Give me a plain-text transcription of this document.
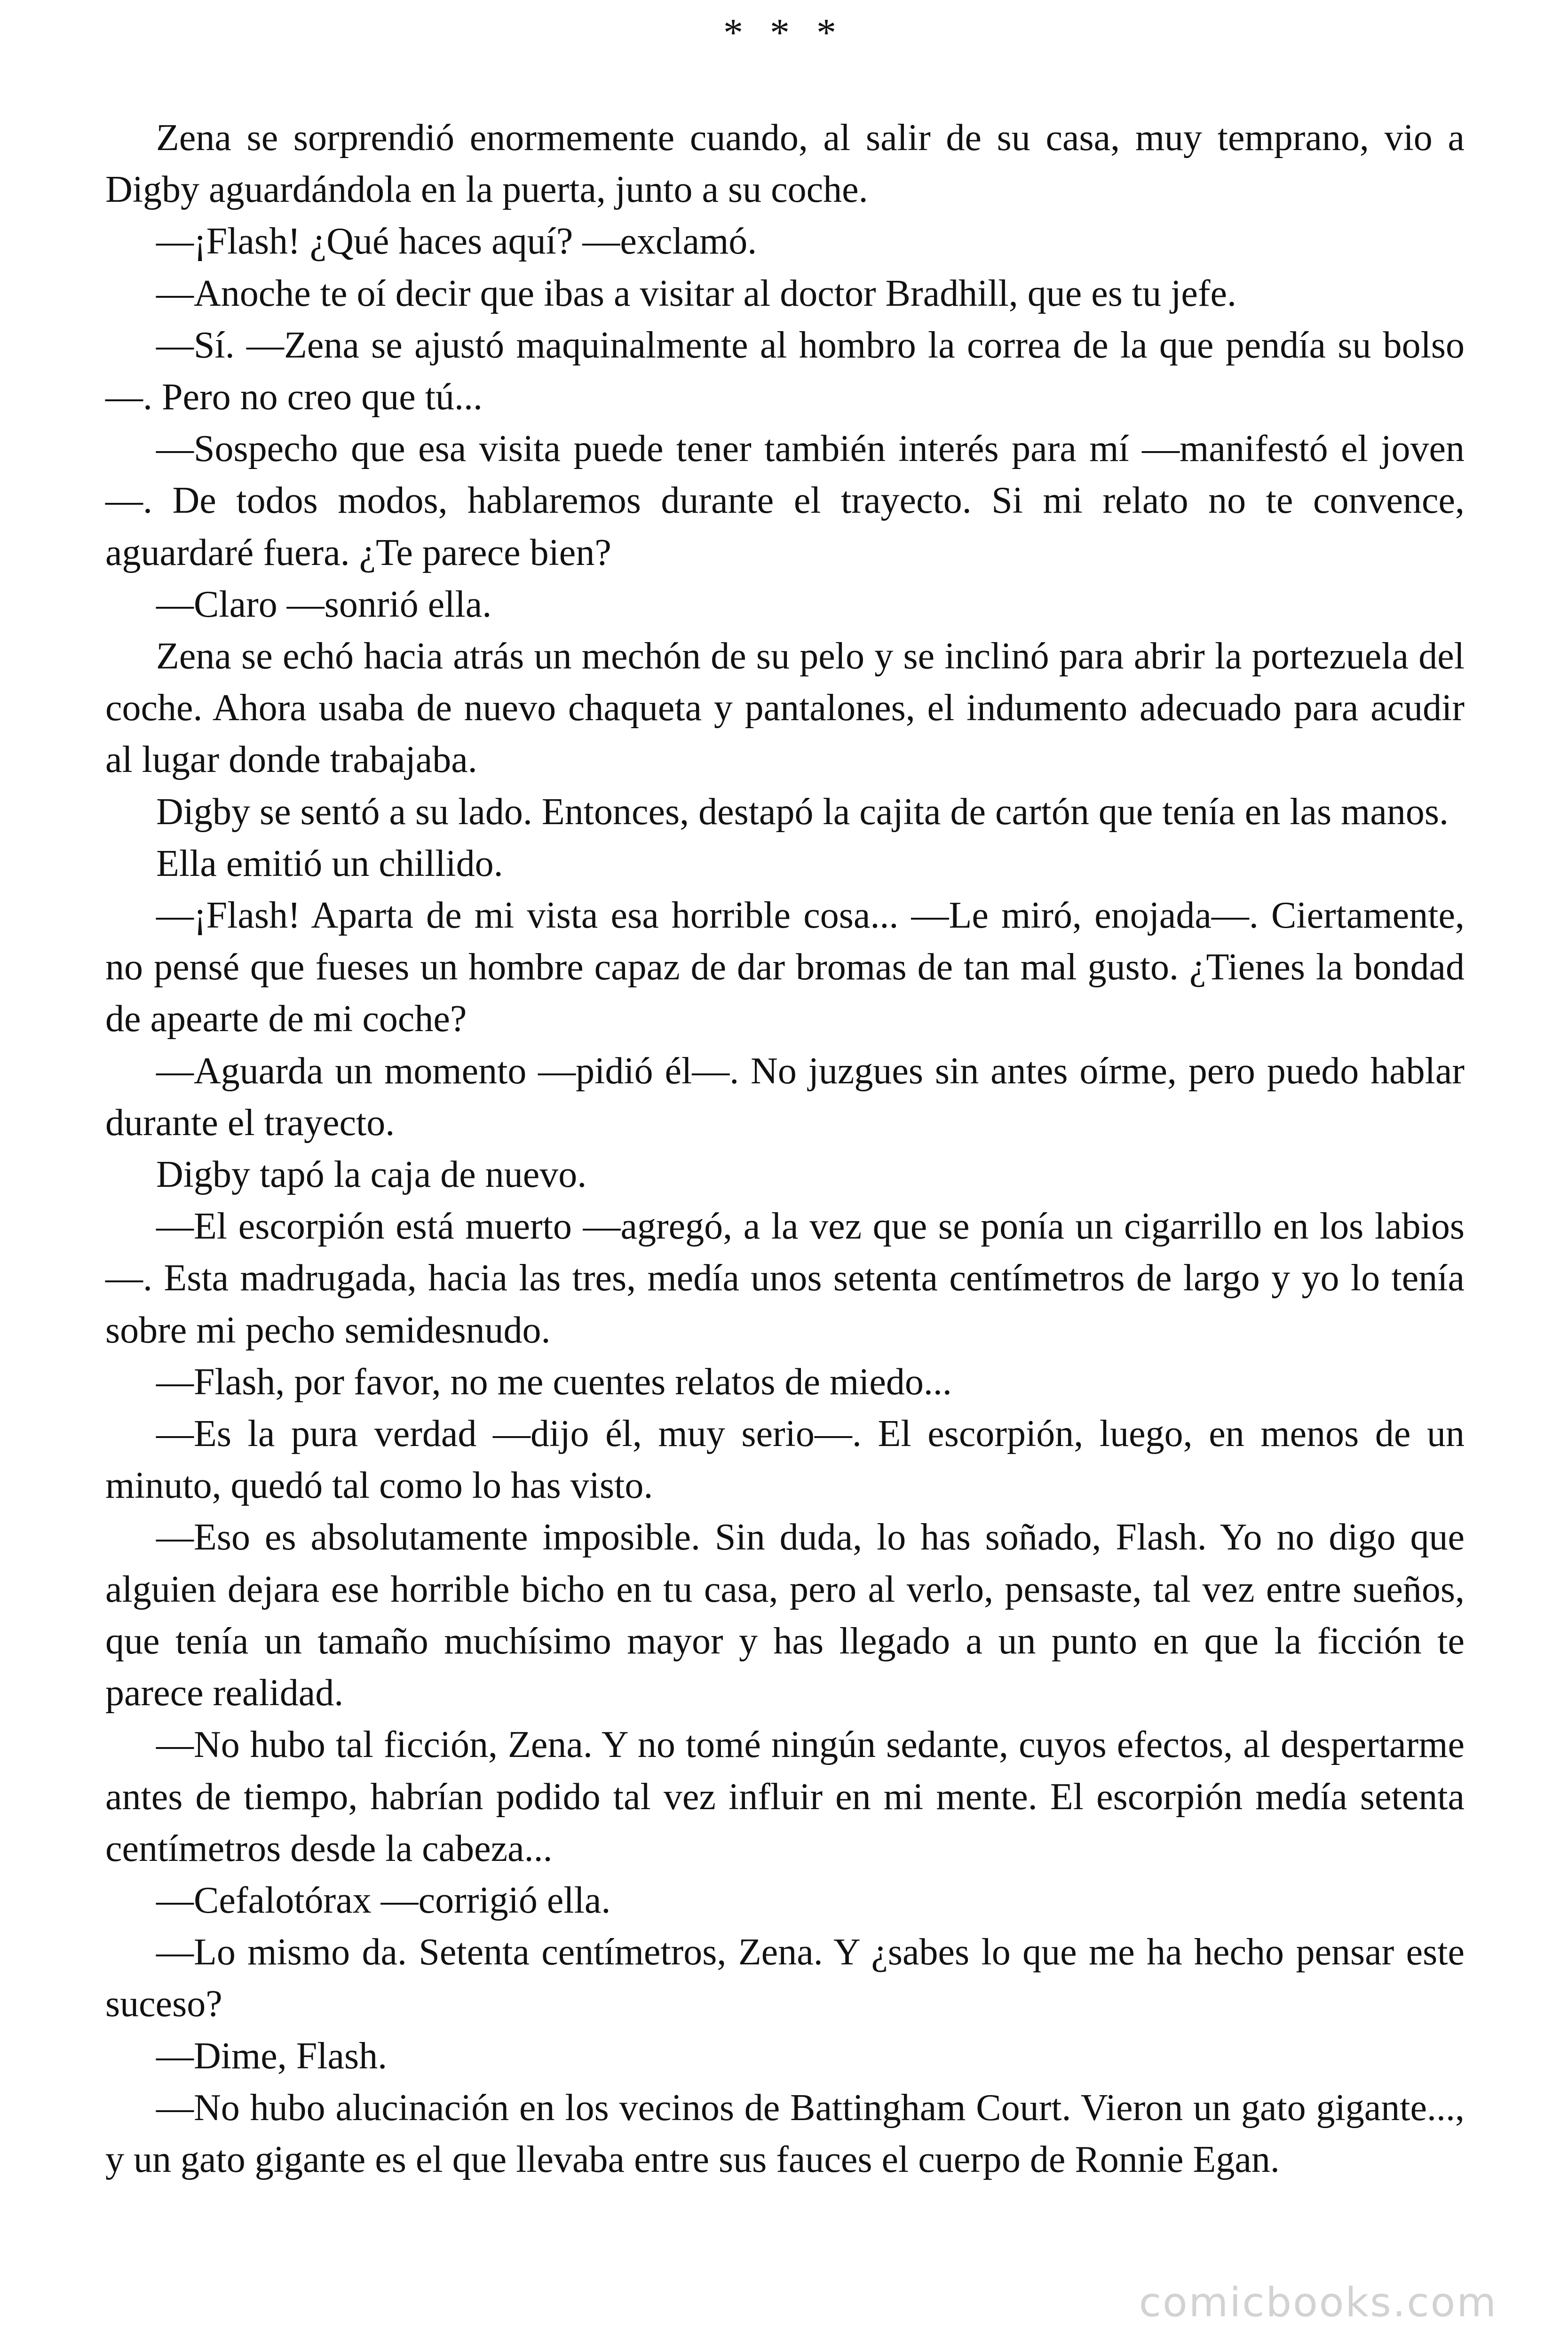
* * *

Zena se sorprendió enormemente cuando, al salir de su casa, muy temprano, vio a Digby aguardándola en la puerta, junto a su coche.

—¡Flash! ¿Qué haces aquí? —exclamó.

—Anoche te oí decir que ibas a visitar al doctor Bradhill, que es tu jefe.

—Sí. —Zena se ajustó maquinalmente al hombro la correa de la que pendía su bolso—. Pero no creo que tú...

—Sospecho que esa visita puede tener también interés para mí —manifestó el joven—. De todos modos, hablaremos durante el trayecto. Si mi relato no te convence, aguardaré fuera. ¿Te parece bien?

—Claro —sonrió ella.

Zena se echó hacia atrás un mechón de su pelo y se inclinó para abrir la portezuela del coche. Ahora usaba de nuevo chaqueta y pantalones, el indumento adecuado para acudir al lugar donde trabajaba.

Digby se sentó a su lado. Entonces, destapó la cajita de cartón que tenía en las manos.

Ella emitió un chillido.

—¡Flash! Aparta de mi vista esa horrible cosa... —Le miró, enojada—. Ciertamente, no pensé que fueses un hombre capaz de dar bromas de tan mal gusto. ¿Tienes la bondad de apearte de mi coche?

—Aguarda un momento —pidió él—. No juzgues sin antes oírme, pero puedo hablar durante el trayecto.

Digby tapó la caja de nuevo.

—El escorpión está muerto —agregó, a la vez que se ponía un cigarrillo en los labios—. Esta madrugada, hacia las tres, medía unos setenta centímetros de largo y yo lo tenía sobre mi pecho semidesnudo.

—Flash, por favor, no me cuentes relatos de miedo...

—Es la pura verdad —dijo él, muy serio—. El escorpión, luego, en menos de un minuto, quedó tal como lo has visto.

—Eso es absolutamente imposible. Sin duda, lo has soñado, Flash. Yo no digo que alguien dejara ese horrible bicho en tu casa, pero al verlo, pensaste, tal vez entre sueños, que tenía un tamaño muchísimo mayor y has llegado a un punto en que la ficción te parece realidad.

—No hubo tal ficción, Zena. Y no tomé ningún sedante, cuyos efectos, al despertarme antes de tiempo, habrían podido tal vez influir en mi mente. El escorpión medía setenta centímetros desde la cabeza...

—Cefalotórax —corrigió ella.

—Lo mismo da. Setenta centímetros, Zena. Y ¿sabes lo que me ha hecho pensar este suceso?

—Dime, Flash.

—No hubo alucinación en los vecinos de Battingham Court. Vieron un gato gigante..., y un gato gigante es el que llevaba entre sus fauces el cuerpo de Ronnie Egan.

comicbooks.com
